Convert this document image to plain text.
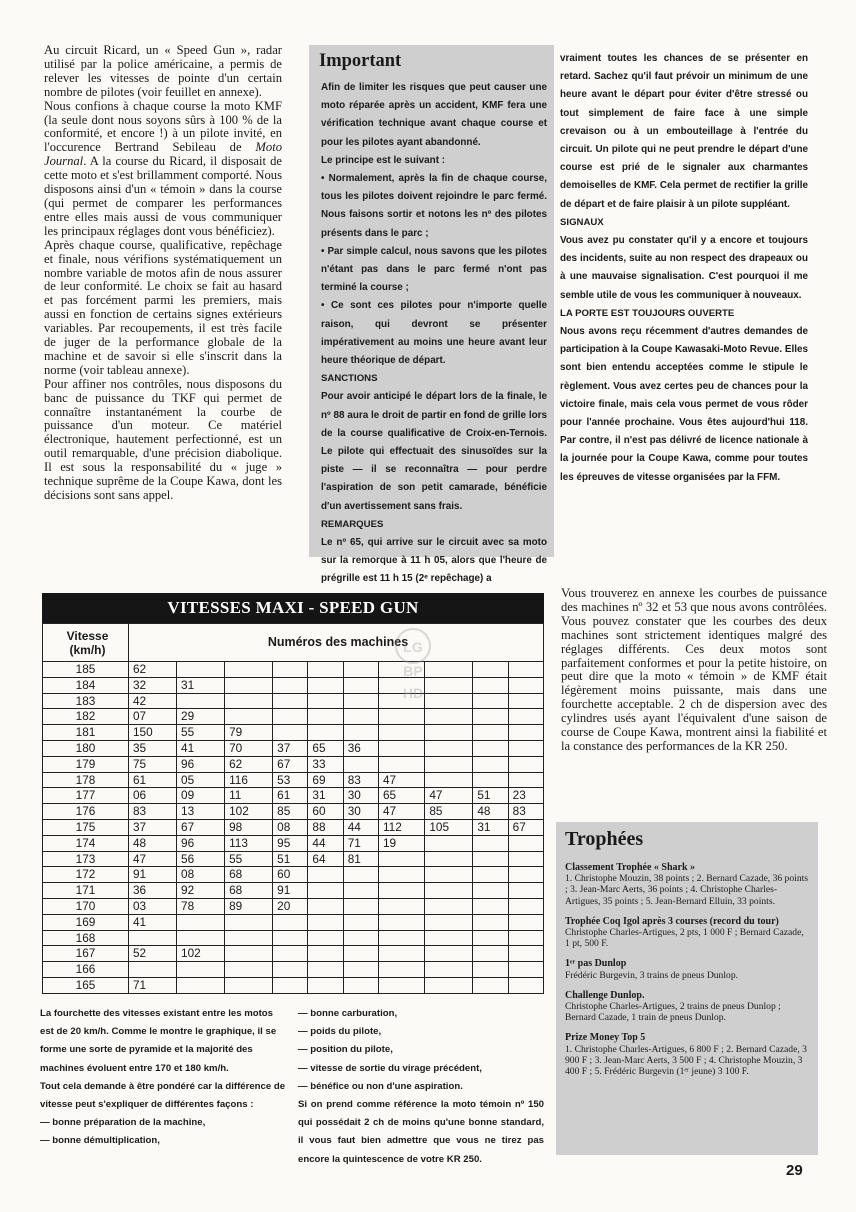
Au circuit Ricard, un « Speed Gun », radar utilisé par la police américaine, a permis de relever les vitesses de pointe d'un certain nombre de pilotes (voir feuillet en annexe).

Nous confions à chaque course la moto KMF (la seule dont nous soyons sûrs à 100 % de la conformité, et encore !) à un pilote invité, en l'occurence Bertrand Sebileau de Moto Journal. A la course du Ricard, il disposait de cette moto et s'est brillamment comporté. Nous disposons ainsi d'un « témoin » dans la course (qui permet de comparer les performances entre elles mais aussi de vous communiquer les principaux réglages dont vous bénéficiez).

Après chaque course, qualificative, repêchage et finale, nous vérifions systématiquement un nombre variable de motos afin de nous assurer de leur conformité. Le choix se fait au hasard et pas forcément parmi les premiers, mais aussi en fonction de certains signes extérieurs variables. Par recoupements, il est très facile de juger de la performance globale de la machine et de savoir si elle s'inscrit dans la norme (voir tableau annexe).

Pour affiner nos contrôles, nous disposons du banc de puissance du TKF qui permet de connaître instantanément la courbe de puissance d'un moteur. Ce matériel électronique, hautement perfectionné, est un outil remarquable, d'une précision diabolique. Il est sous la responsabilité du « juge » technique suprême de la Coupe Kawa, dont les décisions sont sans appel.

Important

Afin de limiter les risques que peut causer une moto réparée après un accident, KMF fera une vérification technique avant chaque course et pour les pilotes ayant abandonné.

Le principe est le suivant :

• Normalement, après la fin de chaque course, tous les pilotes doivent rejoindre le parc fermé. Nous faisons sortir et notons les nº des pilotes présents dans le parc ;

• Par simple calcul, nous savons que les pilotes n'étant pas dans le parc fermé n'ont pas terminé la course ;

• Ce sont ces pilotes pour n'importe quelle raison, qui devront se présenter impérativement au moins une heure avant leur heure théorique de départ.

SANCTIONS

Pour avoir anticipé le départ lors de la finale, le nº 88 aura le droit de partir en fond de grille lors de la course qualificative de Croix-en-Ternois. Le pilote qui effectuait des sinusoïdes sur la piste — il se reconnaîtra — pour perdre l'aspiration de son petit camarade, bénéficie d'un avertissement sans frais.

REMARQUES

Le nº 65, qui arrive sur le circuit avec sa moto sur la remorque à 11 h 05, alors que l'heure de prégrille est 11 h 15 (2ᵉ repêchage) a

vraiment toutes les chances de se présenter en retard. Sachez qu'il faut prévoir un minimum de une heure avant le départ pour éviter d'être stressé ou tout simplement de faire face à une simple crevaison ou à un embouteillage à l'entrée du circuit. Un pilote qui ne peut prendre le départ d'une course est prié de le signaler aux charmantes demoiselles de KMF. Cela permet de rectifier la grille de départ et de faire plaisir à un pilote suppléant.

SIGNAUX

Vous avez pu constater qu'il y a encore et toujours des incidents, suite au non respect des drapeaux ou à une mauvaise signalisation. C'est pourquoi il me semble utile de vous les communiquer à nouveaux.

LA PORTE EST TOUJOURS OUVERTE

Nous avons reçu récemment d'autres demandes de participation à la Coupe Kawasaki-Moto Revue. Elles sont bien entendu acceptées comme le stipule le règlement. Vous avez certes peu de chances pour la victoire finale, mais cela vous permet de vous rôder pour l'année prochaine. Vous êtes aujourd'hui 118. Par contre, il n'est pas délivré de licence nationale à la journée pour la Coupe Kawa, comme pour toutes les épreuves de vitesse organisées par la FFM.

VITESSES MAXI - SPEED GUN
Vitesse
(km/h)	Numéros des machines									
185	62									
184	32	31								
183	42									
182	07	29								
181	150	55	79							
180	35	41	70	37	65	36				
179	75	96	62	67	33					
178	61	05	116	53	69	83	47			
177	06	09	11	61	31	30	65	47	51	23
176	83	13	102	85	60	30	47	85	48	83
175	37	67	98	08	88	44	112	105	31	67
174	48	96	113	95	44	71	19			
173	47	56	55	51	64	81				
172	91	08	68	60						
171	36	92	68	91						
170	03	78	89	20						
169	41									
168										
167	52	102								
166										
165	71									
LG
BP
HD

La fourchette des vitesses existant entre les motos est de 20 km/h. Comme le montre le graphique, il se forme une sorte de pyramide et la majorité des machines évoluent entre 170 et 180 km/h.

Tout cela demande à être pondéré car la différence de vitesse peut s'expliquer de différentes façons :

— bonne préparation de la machine,

— bonne démultiplication,

— bonne carburation,

— poids du pilote,

— position du pilote,

— vitesse de sortie du virage précédent,

— bénéfice ou non d'une aspiration.

Si on prend comme référence la moto témoin nº 150 qui possédait 2 ch de moins qu'une bonne standard, il vous faut bien admettre que vous ne tirez pas encore la quintescence de votre KR 250.

Vous trouverez en annexe les courbes de puissance des machines nº 32 et 53 que nous avons contrôlées. Vous pouvez constater que les courbes des deux machines sont strictement identiques malgré des réglages différents. Ces deux motos sont parfaitement conformes et pour la petite histoire, on peut dire que la moto « témoin » de KMF était légèrement moins puissante, mais dans une fourchette acceptable. 2 ch de dispersion avec des cylindres usés ayant l'équivalent d'une saison de course de Coupe Kawa, montrent ainsi la fiabilité et la constance des performances de la KR 250.

Trophées
Classement Trophée « Shark »
1. Christophe Mouzin, 38 points ; 2. Bernard Cazade, 36 points ; 3. Jean-Marc Aerts, 36 points ; 4. Christophe Charles-Artigues, 35 points ; 5. Jean-Bernard Elluin, 33 points.
Trophée Coq Igol après 3 courses (record du tour)
Christophe Charles-Artigues, 2 pts, 1 000 F ; Bernard Cazade, 1 pt, 500 F.
1ᵉʳ pas Dunlop
Frédéric Burgevin, 3 trains de pneus Dunlop.
Challenge Dunlop.
Christophe Charles-Artigues, 2 trains de pneus Dunlop ; Bernard Cazade, 1 train de pneus Dunlop.
Prize Money Top 5
1. Christophe Charles-Artigues, 6 800 F ; 2. Bernard Cazade, 3 900 F ; 3. Jean-Marc Aerts, 3 500 F ; 4. Christophe Mouzin, 3 400 F ; 5. Frédéric Burgevin (1ᵉʳ jeune) 3 100 F.
29
